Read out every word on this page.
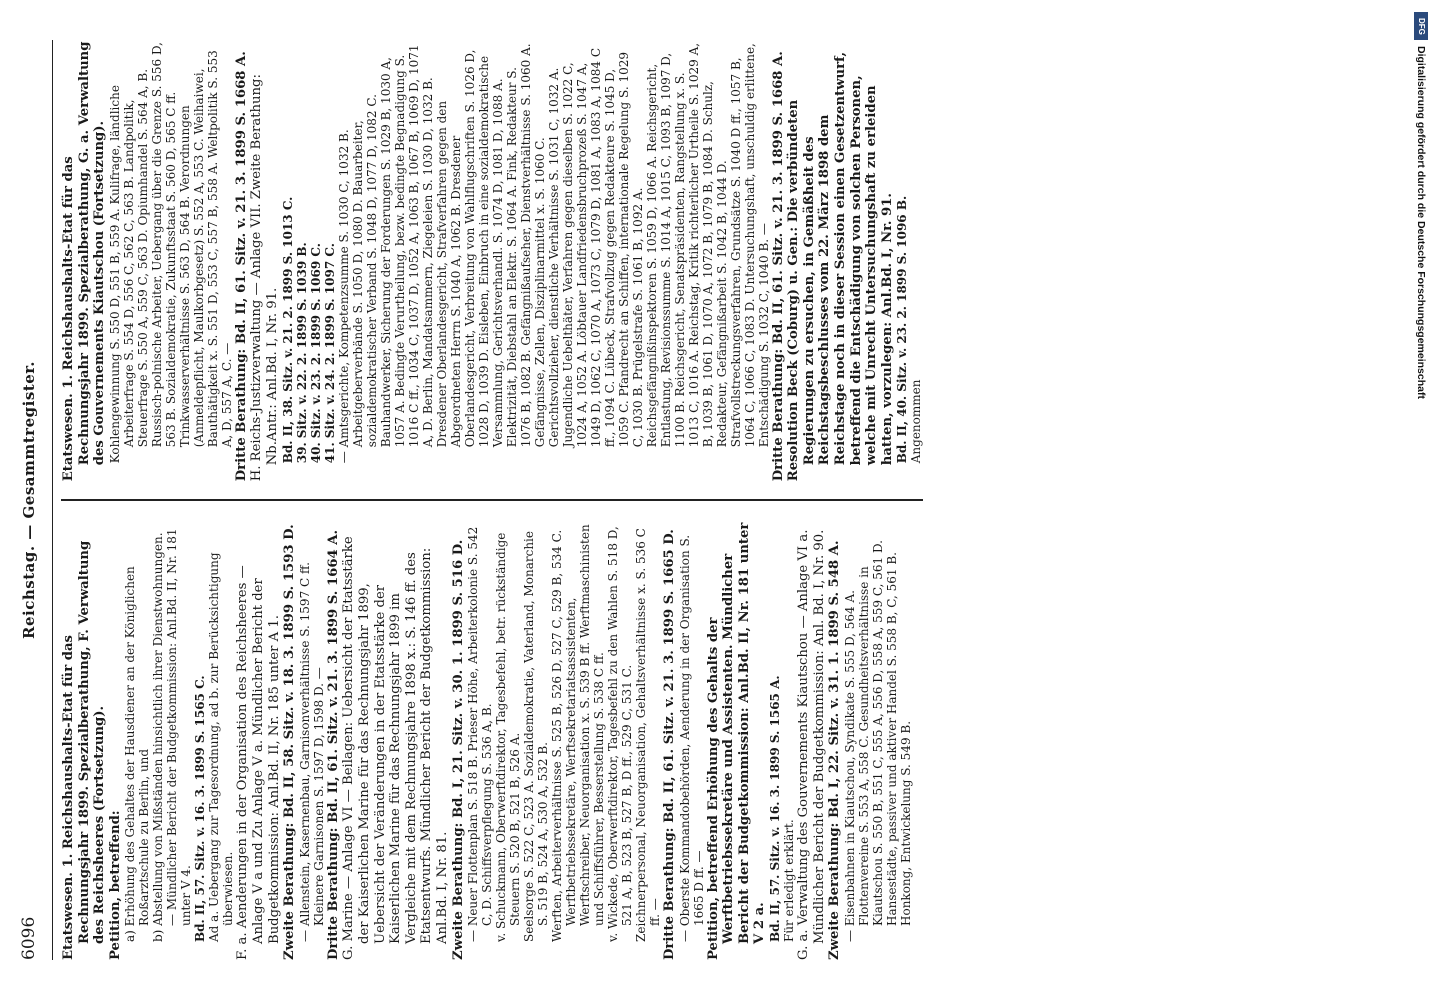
6096
Reichstag. — Gesammtregister.

Etatswesen. 1. Reichshaushalts-Etat für das Rechnungsjahr 1899. Spezialberathung, F. Verwaltung des Reichsheeres (Fortsetzung). Petition, betreffend: a) Erhöhung des Gehaltes der Hausdiener an der Königlichen Roßarztschule zu Berlin, und b) Abstellung von Mißständen hinsichtlich ihrer Dienstwohnungen. — Mündlicher Bericht der Budgetkommission: Anl.Bd. II, Nr. 181 unter V 4. Bd. II, 57. Sitz. v. 16. 3. 1899 S. 1565 C. Ad a. Uebergang zur Tagesordnung, ad b. zur Berücksichtigung überwiesen. F. a. Aenderungen in der Organisation des Reichsheeres — Anlage V a und Zu Anlage V a. Mündlicher Bericht der Budgetkommission: Anl.Bd. II, Nr. 185 unter A 1. Zweite Berathung: Bd. II, 58. Sitz. v. 18. 3. 1899 S. 1593 D. — Allenstein, Kasernenbau, Garnisonverhältnisse S. 1597 C ff. Kleinere Garnisonen S. 1597 D, 1598 D. — Dritte Berathung: Bd. II, 61. Sitz. v. 21. 3. 1899 S. 1664 A. G. Marine — Anlage VI — Beilagen: Uebersicht der Etatsstärke der Kaiserlichen Marine für das Rechnungsjahr 1899, Uebersicht der Veränderungen in der Etatsstärke der Kaiserlichen Marine für das Rechnungsjahr 1899 im Vergleiche mit dem Rechnungsjahre 1898 x.: S. 146 ff. des Etatsentwurfs. Mündlicher Bericht der Budgetkommission: Anl.Bd. I, Nr. 81. Zweite Berathung: Bd. I, 21. Sitz. v. 30. 1. 1899 S. 516 D. — Neuer Flottenplan S. 518 B. Prieser Höhe, Arbeiterkolonie S. 542 C, D. Schiffsverpflegung S. 536 A, B. v. Schuckmann, Oberwerftdirektor, Tagesbefehl, betr. rückständige Steuern S. 520 B, 521 B, 526 A. Seelsorge S. 522 C, 523 A. Sozialdemokratie, Vaterland, Monarchie S. 519 B, 524 A, 530 A, 532 B. Werften, Arbeiterverhältnisse S. 525 B, 526 D, 527 C, 529 B, 534 C. Werftbetriebssekretäre, Werftsekretariatsassistenten, Werftschreiber, Neuorganisation x. S. 539 B ff. Werftmaschinisten und Schiffsführer, Besserstellung S. 538 C ff. v. Wickede, Oberwerftdirektor, Tagesbefehl zu den Wahlen S. 518 D, 521 A, B, 523 B, 527 B, D ff., 529 C, 531 C. Zeichnerpersonal, Neuorganisation, Gehaltsverhältnisse x. S. 536 C ff. — Dritte Berathung: Bd. II, 61. Sitz. v. 21. 3. 1899 S. 1665 D. — Oberste Kommandobehörden, Aenderung in der Organisation S. 1665 D ff. — Petition, betreffend Erhöhung des Gehalts der Werftbetriebssekretäre und Assistenten. Mündlicher Bericht der Budgetkommission: Anl.Bd. II, Nr. 181 unter V 2 a. Bd. II, 57. Sitz. v. 16. 3. 1899 S. 1565 A. Für erledigt erklärt. G. a. Verwaltung des Gouvernements Kiautschou — Anlage VI a. Mündlicher Bericht der Budgetkommission: Anl. Bd. I, Nr. 90. Zweite Berathung: Bd. I, 22. Sitz. v. 31. 1. 1899 S. 548 A. — Eisenbahnen in Kiautschou, Syndikate S. 555 D, 564 A. Flottenvereine S. 553 A, 558 C. Gesundheitsverhältnisse in Kiautschou S. 550 B, 551 C, 555 A, 556 D, 558 A, 559 C, 561 D. Hansestädte, passiver und aktiver Handel S. 558 B, C, 561 B. Honkong, Entwickelung S. 549 B.

Etatswesen. 1. Reichshaushalts-Etat für das Rechnungsjahr 1899. Spezialberathung, G. a. Verwaltung des Gouvernements Kiautschou (Fortsetzung). Kohlengewinnung S. 550 D, 551 B, 559 A. Kulifrage, ländliche Arbeiterfrage S. 554 D, 556 C, 562 C, 563 B. Landpolitik, Steuerfrage S. 550 A, 559 C, 563 D. Opiumhandel S. 564 A, B. Russisch-polnische Arbeiter, Uebergang über die Grenze S. 556 D, 563 B. Sozialdemokratie, Zukunftsstaat S. 560 D, 565 C ff. Trinkwasserverhältnisse S. 563 D, 564 B. Verordnungen (Anmeldepflicht, Maulkorbgesetz) S. 552 A, 553 C. Weihaiwei, Bauthätigkeit x. S. 551 D, 553 C, 557 B, 558 A. Weltpolitik S. 553 A, D, 557 A, C. — Dritte Berathung: Bd. II, 61. Sitz. v. 21. 3. 1899 S. 1668 A. H. Reichs-Justizverwaltung — Anlage VII. Zweite Berathung: Nb.Antr.: Anl.Bd. I, Nr. 91. Bd. II, 38. Sitz. v. 21. 2. 1899 S. 1013 C. 39. Sitz. v. 22. 2. 1899 S. 1039 B. 40. Sitz. v. 23. 2. 1899 S. 1069 C. 41. Sitz. v. 24. 2. 1899 S. 1097 C. — Amtsgerichte, Kompetenzsumme S. 1030 C, 1032 B. Arbeitgeberverbände S. 1050 D, 1080 D. Bauarbeiter, sozialdemokratischer Verband S. 1048 D, 1077 D, 1082 C. Bauhandwerker, Sicherung der Forderungen S. 1029 B, 1030 A, 1057 A. Bedingte Verurtheilung, bezw. bedingte Begnadigung S. 1016 C ff., 1034 C, 1037 D, 1052 A, 1063 B, 1067 B, 1069 D, 1071 A, D. Berlin, Mandatsammern, Ziegeleien S. 1030 D, 1032 B. Dresdener Oberlandesgericht, Strafverfahren gegen den Abgeordneten Herrn S. 1040 A, 1062 B. Dresdener Oberlandesgericht, Verbreitung von Wahlflugschriften S. 1026 D, 1028 D, 1039 D. Eisleben, Einbruch in eine sozialdemokratische Versammlung, Gerichtsverhandl. S. 1074 D, 1081 D, 1088 A. Elektrizität, Diebstahl an Elektr. S. 1064 A. Fink, Redakteur S. 1076 B, 1082 B. Gefängnißaufseher, Dienstverhältnisse S. 1060 A. Gefängnisse, Zellen, Disziplinarmittel x. S. 1060 C. Gerichtsvollzieher, dienstliche Verhältnisse S. 1031 C, 1032 A. Jugendliche Uebelthäter, Verfahren gegen dieselben S. 1022 C, 1024 A, 1052 A. Löbtauer Landfriedensbruchprozeß S. 1047 A, 1049 D, 1062 C, 1070 A, 1073 C, 1079 D, 1081 A, 1083 A, 1084 C ff., 1094 C. Lübeck, Strafvollzug gegen Redakteure S. 1045 D, 1059 C. Pfandrecht an Schiffen, internationale Regelung S. 1029 C, 1030 B. Prügelstrafe S. 1061 B, 1092 A. Reichsgefängnißinspektoren S. 1059 D, 1066 A. Reichsgericht, Entlastung, Revisionssumme S. 1014 A, 1015 C, 1093 B, 1097 D, 1100 B. Reichsgericht, Senatspräsidenten, Rangstellung x. S. 1013 C, 1016 A. Reichstag, Kritik richterlicher Urtheile S. 1029 A, B, 1039 B, 1061 D, 1070 A, 1072 B, 1079 B, 1084 D. Schulz, Redakteur, Gefängnißarbeit S. 1042 B, 1044 D. Strafvollstreckungsverfahren, Grundsätze S. 1040 D ff., 1057 B, 1064 C, 1066 C, 1083 D. Untersuchungshaft, unschuldig erlittene, Entschädigung S. 1032 C, 1040 B. — Dritte Berathung: Bd. II, 61. Sitz. v. 21. 3. 1899 S. 1668 A. Resolution Beck (Coburg) u. Gen.: Die verbündeten Regierungen zu ersuchen, in Gemäßheit des Reichstagsbeschlusses vom 22. März 1898 dem Reichstage noch in dieser Session einen Gesetzentwurf, betreffend die Entschädigung von solchen Personen, welche mit Unrecht Untersuchungshaft zu erleiden hatten, vorzulegen: Anl.Bd. I, Nr. 91. Bd. II, 40. Sitz. v. 23. 2. 1899 S. 1096 B. Angenommen

DFG
Digitalisierung gefördert durch die Deutsche Forschungsgemeinschaft
